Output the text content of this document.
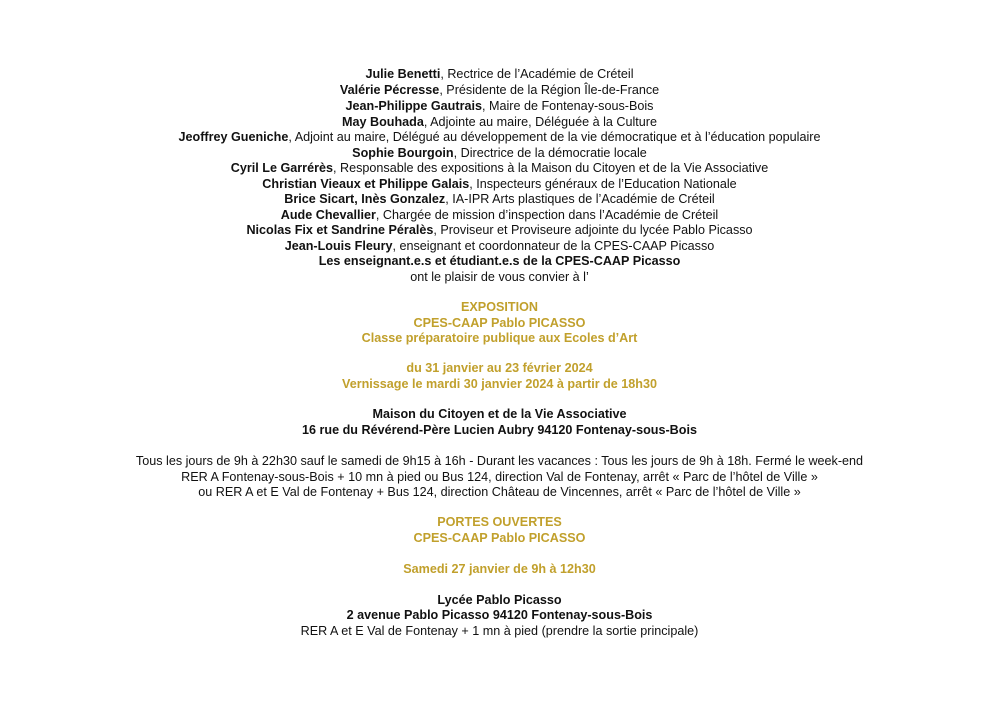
Julie Benetti, Rectrice de l’Académie de Créteil
Valérie Pécresse, Présidente de la Région Île-de-France
Jean-Philippe Gautrais, Maire de Fontenay-sous-Bois
May Bouhada, Adjointe au maire, Déléguée à la Culture
Jeoffrey Gueniche, Adjoint au maire, Délégué au développement de la vie démocratique et à l’éducation populaire
Sophie Bourgoin, Directrice de la démocratie locale
Cyril Le Garrérès, Responsable des expositions à la Maison du Citoyen et de la Vie Associative
Christian Vieaux et Philippe Galais, Inspecteurs généraux de l’Education Nationale
Brice Sicart, Inès Gonzalez, IA-IPR Arts plastiques de l’Académie de Créteil
Aude Chevallier, Chargée de mission d’inspection dans l’Académie de Créteil
Nicolas Fix et Sandrine Péralès, Proviseur et Proviseure adjointe du lycée Pablo Picasso
Jean-Louis Fleury, enseignant et coordonnateur de la CPES-CAAP Picasso
Les enseignant.e.s et étudiant.e.s de la CPES-CAAP Picasso
ont le plaisir de vous convier à l’
EXPOSITION
CPES-CAAP Pablo PICASSO
Classe préparatoire publique aux Ecoles d’Art
du 31 janvier au 23 février 2024
Vernissage le mardi 30 janvier 2024 à partir de 18h30
Maison du Citoyen et de la Vie Associative
16 rue du Révérend-Père Lucien Aubry 94120 Fontenay-sous-Bois
Tous les jours de 9h à 22h30 sauf le samedi de 9h15 à 16h - Durant les vacances : Tous les jours de 9h à 18h. Fermé le week-end
RER A Fontenay-sous-Bois + 10 mn à pied ou Bus 124, direction Val de Fontenay, arrêt « Parc de l’hôtel de Ville »
ou RER A et E Val de Fontenay + Bus 124, direction Château de Vincennes, arrêt « Parc de l’hôtel de Ville »
PORTES OUVERTES
CPES-CAAP Pablo PICASSO
Samedi 27 janvier de 9h à 12h30
Lycée Pablo Picasso
2 avenue Pablo Picasso 94120 Fontenay-sous-Bois
RER A et E Val de Fontenay + 1 mn à pied (prendre la sortie principale)
